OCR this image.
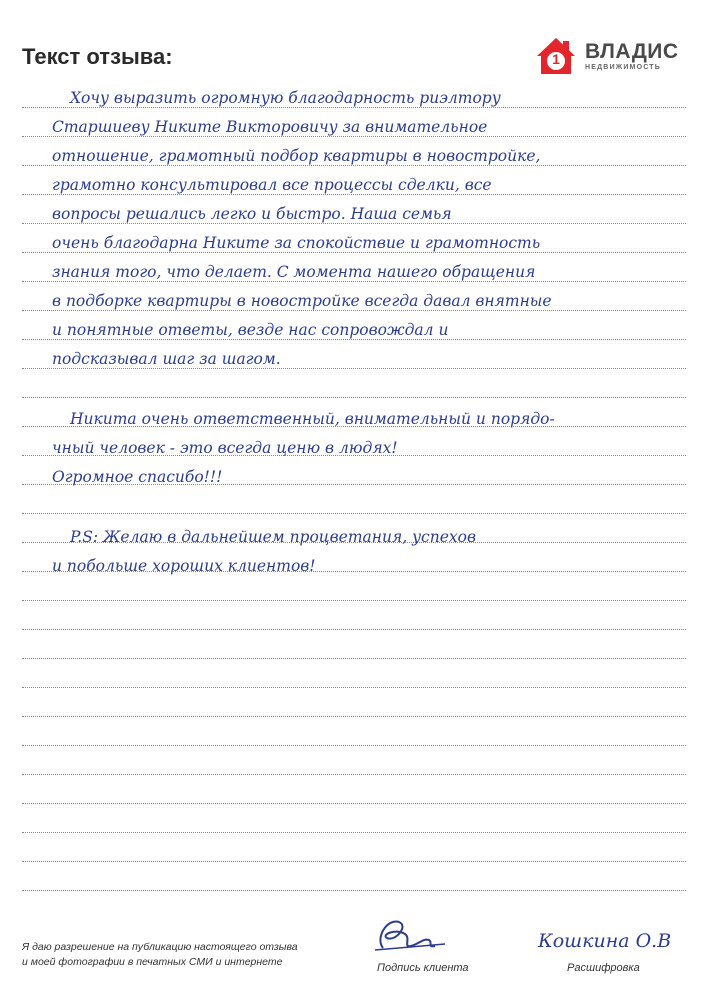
Текст отзыва:	1 ВЛАДИС
НЕДВИЖИМОСТЬ
Хочу выразить огромную благодарность риэлтору
Старшиеву Никите Викторовичу за внимательное
отношение, грамотный подбор квартиры в новостройке,
грамотно консультировал все процессы сделки, все
вопросы решались легко и быстро. Наша семья
очень благодарна Никите за спокойствие и грамотность
знания того, что делает. С момента нашего обращения
в подборке квартиры в новостройке всегда давал внятные
и понятные ответы, везде нас сопровождал и
подсказывал шаг за шагом.
Никита очень ответственный, внимательный и порядо-
чный человек - это всегда ценю в людях!
Огромное спасибо!!!
P.S: Желаю в дальнейшем процветания, успехов
и побольше хороших клиентов!
Я даю разрешение на публикацию настоящего отзыва
и моей фотографии в печатных СМИ и интернете	Подпись клиента
Кошкина О.В
Расшифровка
